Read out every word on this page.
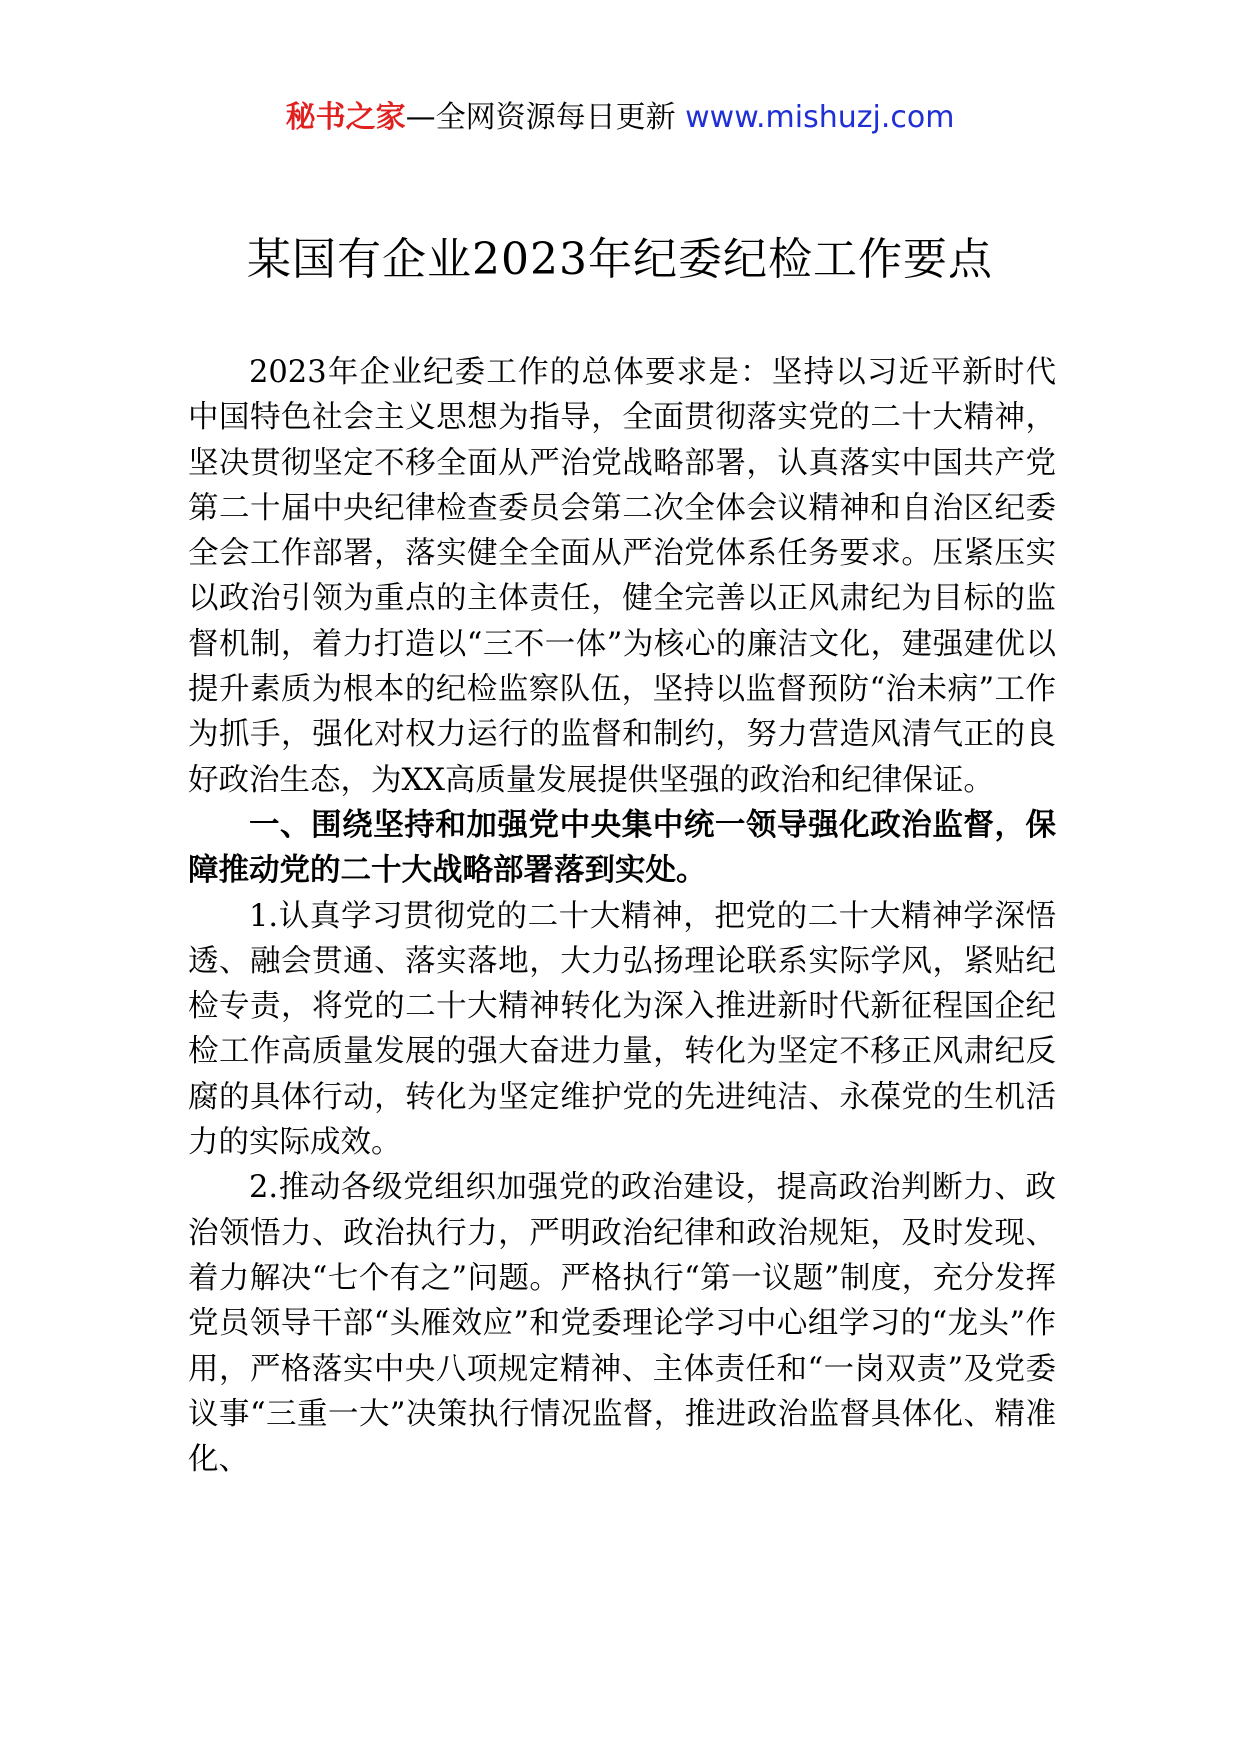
秘书之家—全网资源每日更新 www.mishuzj.com
某国有企业2023年纪委纪检工作要点

2023年企业纪委工作的总体要求是：坚持以习近平新时代中国特色社会主义思想为指导，全面贯彻落实党的二十大精神，坚决贯彻坚定不移全面从严治党战略部署，认真落实中国共产党第二十届中央纪律检查委员会第二次全体会议精神和自治区纪委全会工作部署，落实健全全面从严治党体系任务要求。压紧压实以政治引领为重点的主体责任，健全完善以正风肃纪为目标的监督机制，着力打造以“三不一体”为核心的廉洁文化，建强建优以提升素质为根本的纪检监察队伍，坚持以监督预防“治未病”工作为抓手，强化对权力运行的监督和制约，努力营造风清气正的良好政治生态，为XX高质量发展提供坚强的政治和纪律保证。

一、围绕坚持和加强党中央集中统一领导强化政治监督，保障推动党的二十大战略部署落到实处。

1.认真学习贯彻党的二十大精神，把党的二十大精神学深悟透、融会贯通、落实落地，大力弘扬理论联系实际学风，紧贴纪检专责，将党的二十大精神转化为深入推进新时代新征程国企纪检工作高质量发展的强大奋进力量，转化为坚定不移正风肃纪反腐的具体行动，转化为坚定维护党的先进纯洁、永葆党的生机活力的实际成效。

2.推动各级党组织加强党的政治建设，提高政治判断力、政治领悟力、政治执行力，严明政治纪律和政治规矩，及时发现、着力解决“七个有之”问题。严格执行“第一议题”制度，充分发挥党员领导干部“头雁效应”和党委理论学习中心组学习的“龙头”作用，严格落实中央八项规定精神、主体责任和“一岗双责”及党委议事“三重一大”决策执行情况监督，推进政治监督具体化、精准化、
